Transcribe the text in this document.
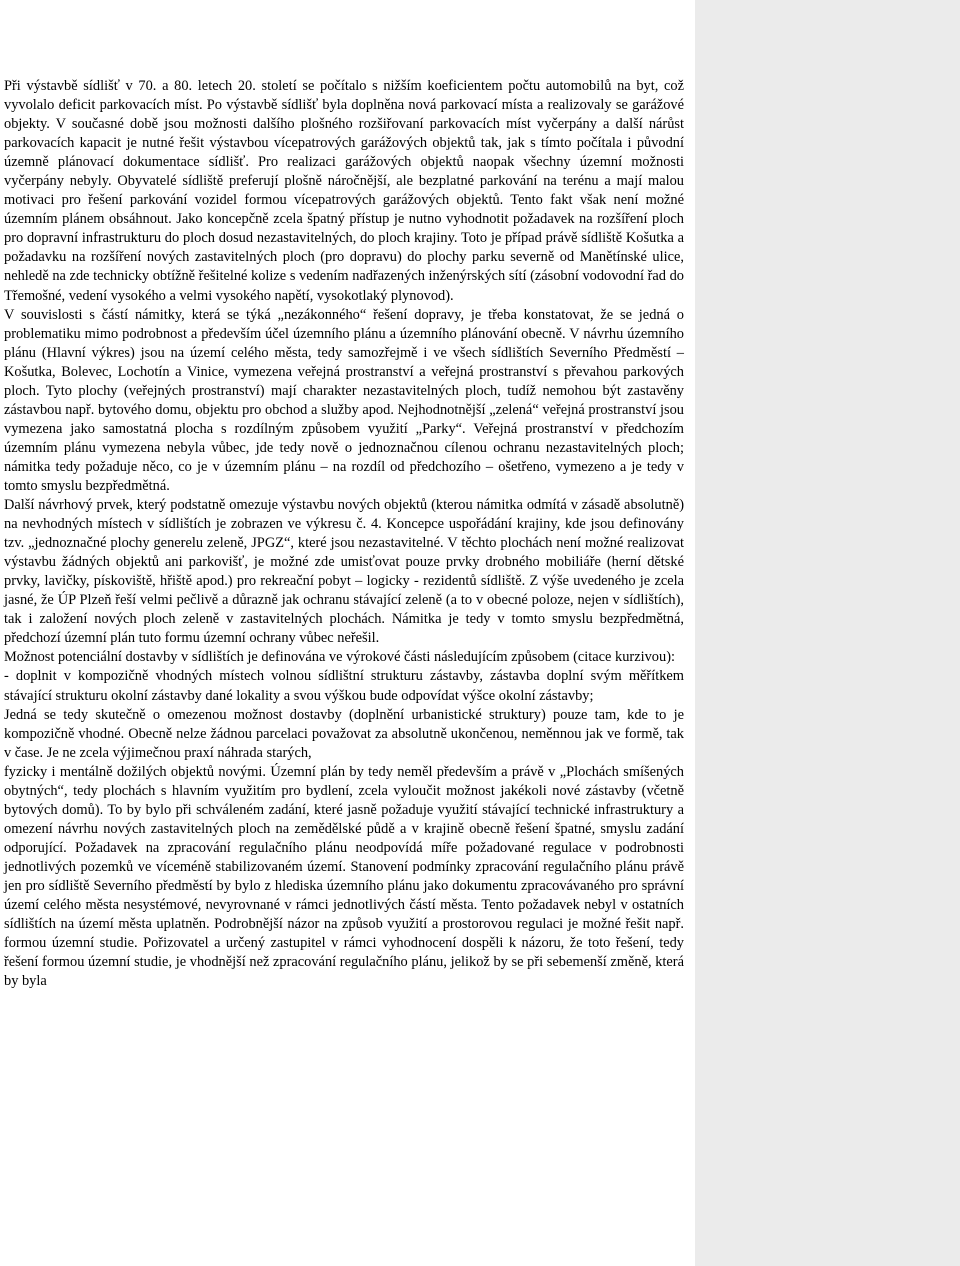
Při výstavbě sídlišť v 70. a 80. letech 20. století se počítalo s nižším koeficientem počtu automobilů na byt, což vyvolalo deficit parkovacích míst. Po výstavbě sídlišť byla doplněna nová parkovací místa a realizovaly se garážové objekty. V současné době jsou možnosti dalšího plošného rozšiřovaní parkovacích míst vyčerpány a další nárůst parkovacích kapacit je nutné řešit výstavbou vícepatrových garážových objektů tak, jak s tímto počítala i původní územně plánovací dokumentace sídlišť. Pro realizaci garážových objektů naopak všechny územní možnosti vyčerpány nebyly. Obyvatelé sídliště preferují plošně náročnější, ale bezplatné parkování na terénu a mají malou motivaci pro řešení parkování vozidel formou vícepatrových garážových objektů. Tento fakt však není možné územním plánem obsáhnout. Jako koncepčně zcela špatný přístup je nutno vyhodnotit požadavek na rozšíření ploch pro dopravní infrastrukturu do ploch dosud nezastavitelných, do ploch krajiny. Toto je případ právě sídliště Košutka a požadavku na rozšíření nových zastavitelných ploch (pro dopravu) do plochy parku severně od Manětínské ulice, nehledě na zde technicky obtížně řešitelné kolize s vedením nadřazených inženýrských sítí (zásobní vodovodní řad do Třemošné, vedení vysokého a velmi vysokého napětí, vysokotlaký plynovod).

V souvislosti s částí námitky, která se týká „nezákonného“ řešení dopravy, je třeba konstatovat, že se jedná o problematiku mimo podrobnost a především účel územního plánu a územního plánování obecně. V návrhu územního plánu (Hlavní výkres) jsou na území celého města, tedy samozřejmě i ve všech sídlištích Severního Předměstí – Košutka, Bolevec, Lochotín a Vinice, vymezena veřejná prostranství a veřejná prostranství s převahou parkových ploch. Tyto plochy (veřejných prostranství) mají charakter nezastavitelných ploch, tudíž nemohou být zastavěny zástavbou např. bytového domu, objektu pro obchod a služby apod. Nejhodnotnější „zelená“ veřejná prostranství jsou vymezena jako samostatná plocha s rozdílným způsobem využití „Parky“. Veřejná prostranství v předchozím územním plánu vymezena nebyla vůbec, jde tedy nově o jednoznačnou cílenou ochranu nezastavitelných ploch; námitka tedy požaduje něco, co je v územním plánu – na rozdíl od předchozího – ošetřeno, vymezeno a je tedy v tomto smyslu bezpředmětná.

Další návrhový prvek, který podstatně omezuje výstavbu nových objektů (kterou námitka odmítá v zásadě absolutně) na nevhodných místech v sídlištích je zobrazen ve výkresu č. 4. Koncepce uspořádání krajiny, kde jsou definovány tzv. „jednoznačné plochy generelu zeleně, JPGZ“, které jsou nezastavitelné. V těchto plochách není možné realizovat výstavbu žádných objektů ani parkovišť, je možné zde umisťovat pouze prvky drobného mobiliáře (herní dětské prvky, lavičky, pískoviště, hřiště apod.) pro rekreační pobyt – logicky - rezidentů sídliště. Z výše uvedeného je zcela jasné, že ÚP Plzeň řeší velmi pečlivě a důrazně jak ochranu stávající zeleně (a to v obecné poloze, nejen v sídlištích), tak i založení nových ploch zeleně v zastavitelných plochách. Námitka je tedy v tomto smyslu bezpředmětná, předchozí územní plán tuto formu územní ochrany vůbec neřešil.

Možnost potenciální dostavby v sídlištích je definována ve výrokové části následujícím způsobem (citace kurzivou):

- doplnit v kompozičně vhodných místech volnou sídlištní strukturu zástavby, zástavba doplní svým měřítkem stávající strukturu okolní zástavby dané lokality a svou výškou bude odpovídat výšce okolní zástavby;

Jedná se tedy skutečně o omezenou možnost dostavby (doplnění urbanistické struktury) pouze tam, kde to je kompozičně vhodné. Obecně nelze žádnou parcelaci považovat za absolutně ukončenou, neměnnou jak ve formě, tak v čase. Je ne zcela výjimečnou praxí náhrada starých,

fyzicky i mentálně dožilých objektů novými. Územní plán by tedy neměl především a právě v „Plochách smíšených obytných“, tedy plochách s hlavním využitím pro bydlení, zcela vyloučit možnost jakékoli nové zástavby (včetně bytových domů). To by bylo při schváleném zadání, které jasně požaduje využití stávající technické infrastruktury a omezení návrhu nových zastavitelných ploch na zemědělské půdě a v krajině obecně řešení špatné, smyslu zadání odporující. Požadavek na zpracování regulačního plánu neodpovídá míře požadované regulace v podrobnosti jednotlivých pozemků ve víceméně stabilizovaném území. Stanovení podmínky zpracování regulačního plánu právě jen pro sídliště Severního předměstí by bylo z hlediska územního plánu jako dokumentu zpracovávaného pro správní území celého města nesystémové, nevyrovnané v rámci jednotlivých částí města. Tento požadavek nebyl v ostatních sídlištích na území města uplatněn. Podrobnější názor na způsob využití a prostorovou regulaci je možné řešit např. formou územní studie. Pořizovatel a určený zastupitel v rámci vyhodnocení dospěli k názoru, že toto řešení, tedy řešení formou územní studie, je vhodnější než zpracování regulačního plánu, jelikož by se při sebemenší změně, která by byla
